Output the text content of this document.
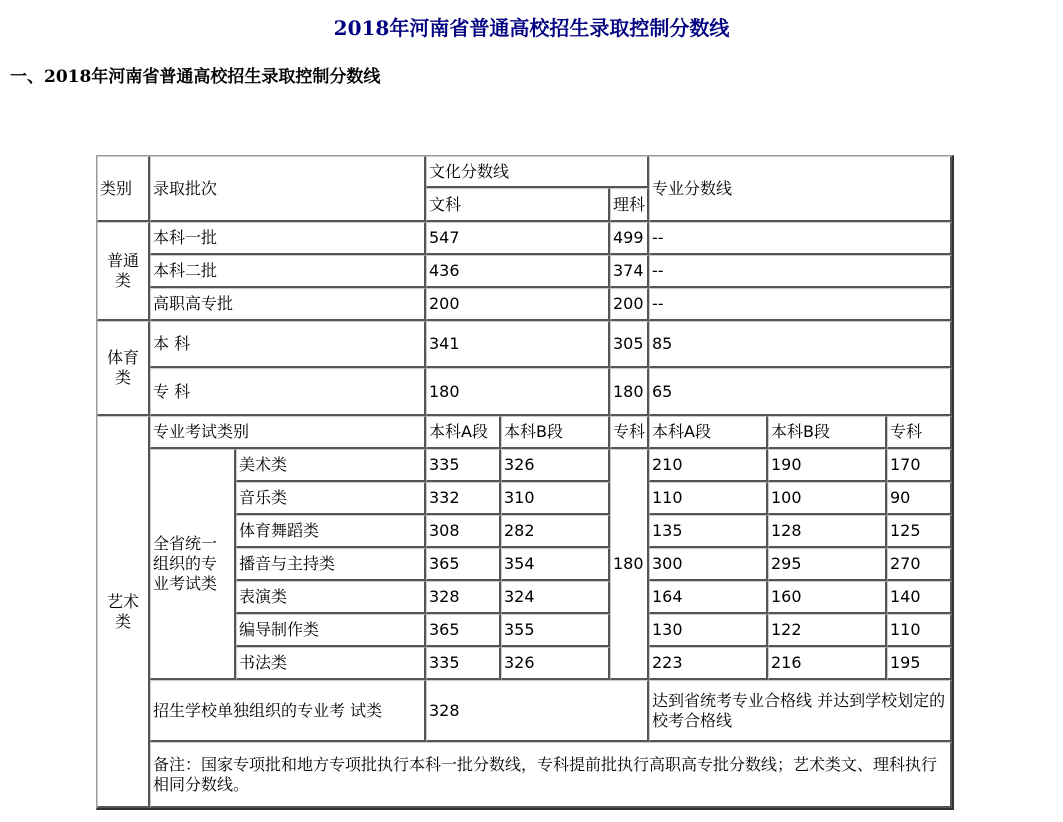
2018年河南省普通高校招生录取控制分数线
一、2018年河南省普通高校招生录取控制分数线
类别	录取批次		文化分数线			专业分数线		
			文科		理科			
普通类	本科一批		547		499	--		
	本科二批		436		374	--		
	高职高专批		200		200	--		
体育类	本 科		341		305	85		
	专 科		180		180	65		
艺术类	专业考试类别		本科A段	本科B段	专科	本科A段	本科B段	专科
	全省统一组织的专业考试类	美术类	335	326	180	210	190	170
		音乐类	332	310		110	100	90
		体育舞蹈类	308	282		135	128	125
		播音与主持类	365	354		300	295	270
		表演类	328	324		164	160	140
		编导制作类	365	355		130	122	110
		书法类	335	326		223	216	195
	招生学校单独组织的专业考 试类		328			达到省统考专业合格线 并达到学校划定的校考合格线		
	备注：国家专项批和地方专项批执行本科一批分数线，专科提前批执行高职高专批分数线；艺术类文、理科执行相同分数线。							
